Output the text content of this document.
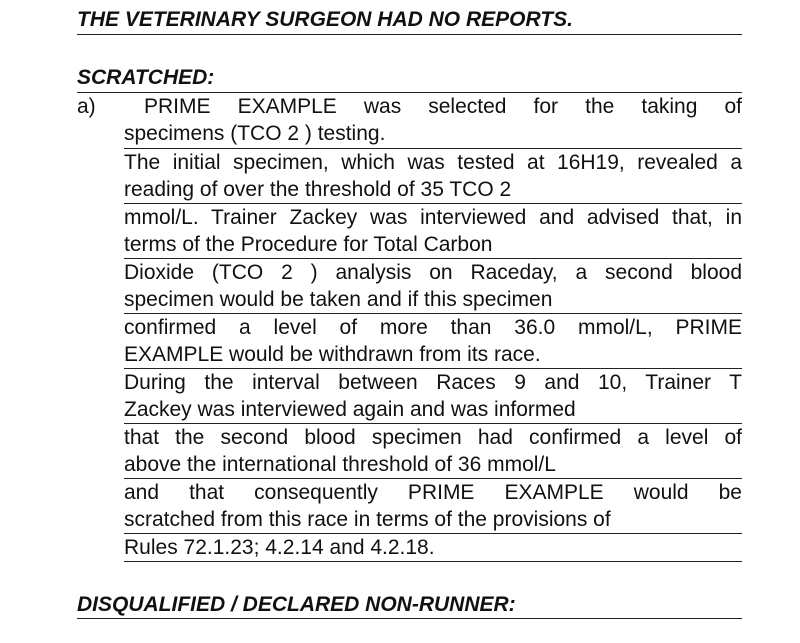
THE VETERINARY SURGEON HAD NO REPORTS.
SCRATCHED:
a)	PRIME EXAMPLE was selected for the taking of
specimens (TCO 2 ) testing.
The initial specimen, which was tested at 16H19, revealed a
reading of over the threshold of 35 TCO 2
mmol/L. Trainer Zackey was interviewed and advised that, in
terms of the Procedure for Total Carbon
Dioxide (TCO 2 ) analysis on Raceday, a second blood
specimen would be taken and if this specimen
confirmed a level of more than 36.0 mmol/L, PRIME
EXAMPLE would be withdrawn from its race.
During the interval between Races 9 and 10, Trainer T
Zackey was interviewed again and was informed
that the second blood specimen had confirmed a level of
above the international threshold of 36 mmol/L
and that consequently PRIME EXAMPLE would be
scratched from this race in terms of the provisions of
Rules 72.1.23; 4.2.14 and 4.2.18.
DISQUALIFIED / DECLARED NON-RUNNER:
